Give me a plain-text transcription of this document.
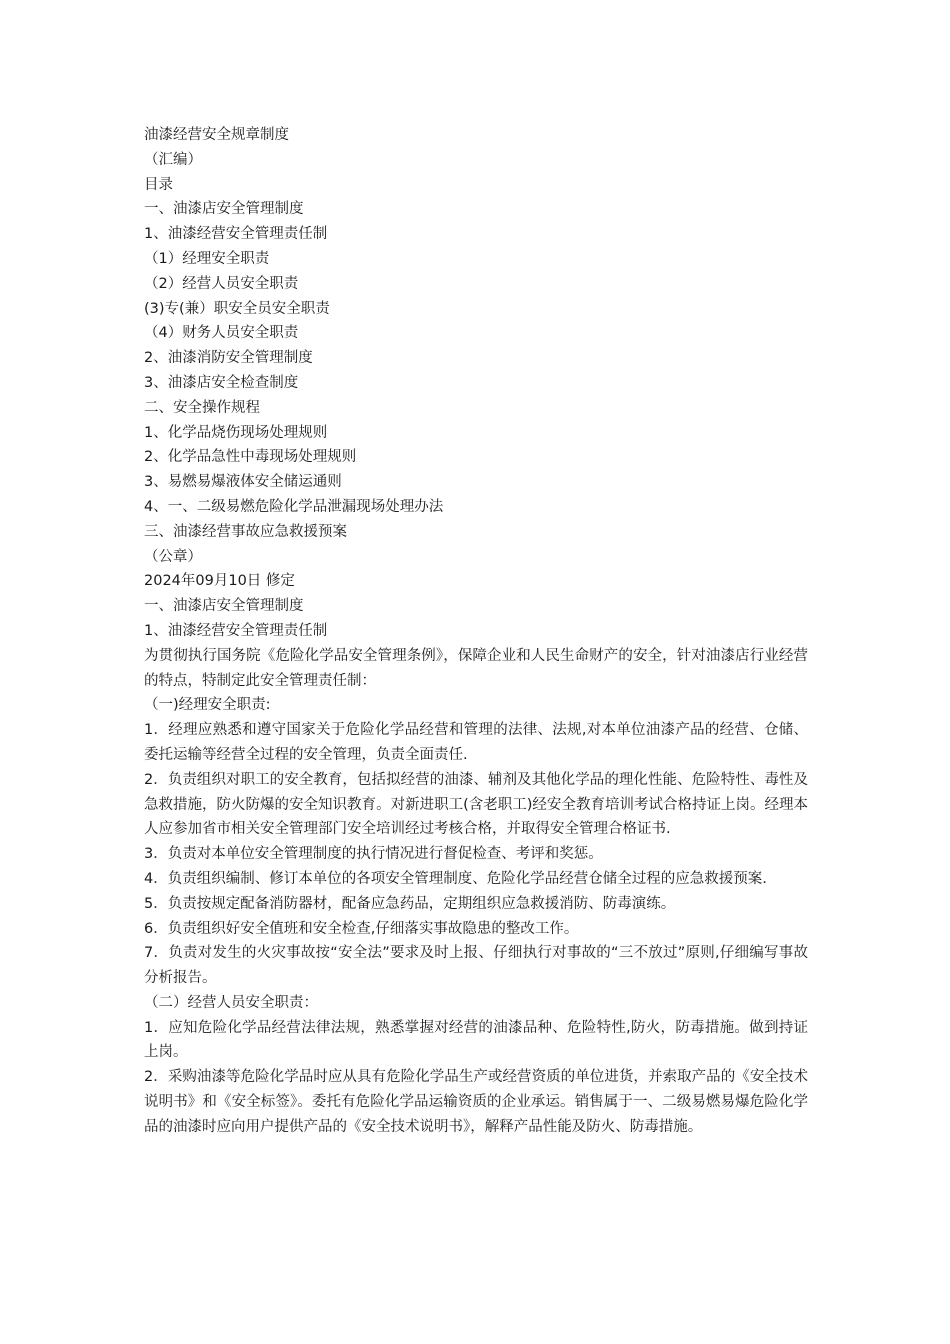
油漆经营安全规章制度
（汇编）
目录
一、油漆店安全管理制度
1、油漆经营安全管理责任制
（1）经理安全职责
（2）经营人员安全职责
(3)专(兼）职安全员安全职责
（4）财务人员安全职责
2、油漆消防安全管理制度
3、油漆店安全检查制度
二、安全操作规程
1、化学品烧伤现场处理规则
2、化学品急性中毒现场处理规则
3、易燃易爆液体安全储运通则
4、一、二级易燃危险化学品泄漏现场处理办法
三、油漆经营事故应急救援预案
（公章）
2024年09月10日 修定
一、油漆店安全管理制度
1、油漆经营安全管理责任制

为贯彻执行国务院《危险化学品安全管理条例》，保障企业和人民生命财产的安全，针对油漆店行业经营的特点，特制定此安全管理责任制：

（一)经理安全职责:

1．经理应熟悉和遵守国家关于危险化学品经营和管理的法律、法规,对本单位油漆产品的经营、仓储、委托运输等经营全过程的安全管理，负责全面责任.

2．负责组织对职工的安全教育，包括拟经营的油漆、辅剂及其他化学品的理化性能、危险特性、毒性及急救措施，防火防爆的安全知识教育。对新进职工(含老职工)经安全教育培训考试合格持证上岗。经理本人应参加省市相关安全管理部门安全培训经过考核合格，并取得安全管理合格证书.

3．负责对本单位安全管理制度的执行情况进行督促检查、考评和奖惩。

4．负责组织编制、修订本单位的各项安全管理制度、危险化学品经营仓储全过程的应急救援预案.

5．负责按规定配备消防器材，配备应急药品，定期组织应急救援消防、防毒演练。

6．负责组织好安全值班和安全检查,仔细落实事故隐患的整改工作。

7．负责对发生的火灾事故按“安全法”要求及时上报、仔细执行对事故的“三不放过”原则,仔细编写事故分析报告。

（二）经营人员安全职责：

1．应知危险化学品经营法律法规，熟悉掌握对经营的油漆品种、危险特性,防火，防毒措施。做到持证上岗。

2．采购油漆等危险化学品时应从具有危险化学品生产或经营资质的单位进货，并索取产品的《安全技术说明书》和《安全标签》。委托有危险化学品运输资质的企业承运。销售属于一、二级易燃易爆危险化学品的油漆时应向用户提供产品的《安全技术说明书》，解释产品性能及防火、防毒措施。
